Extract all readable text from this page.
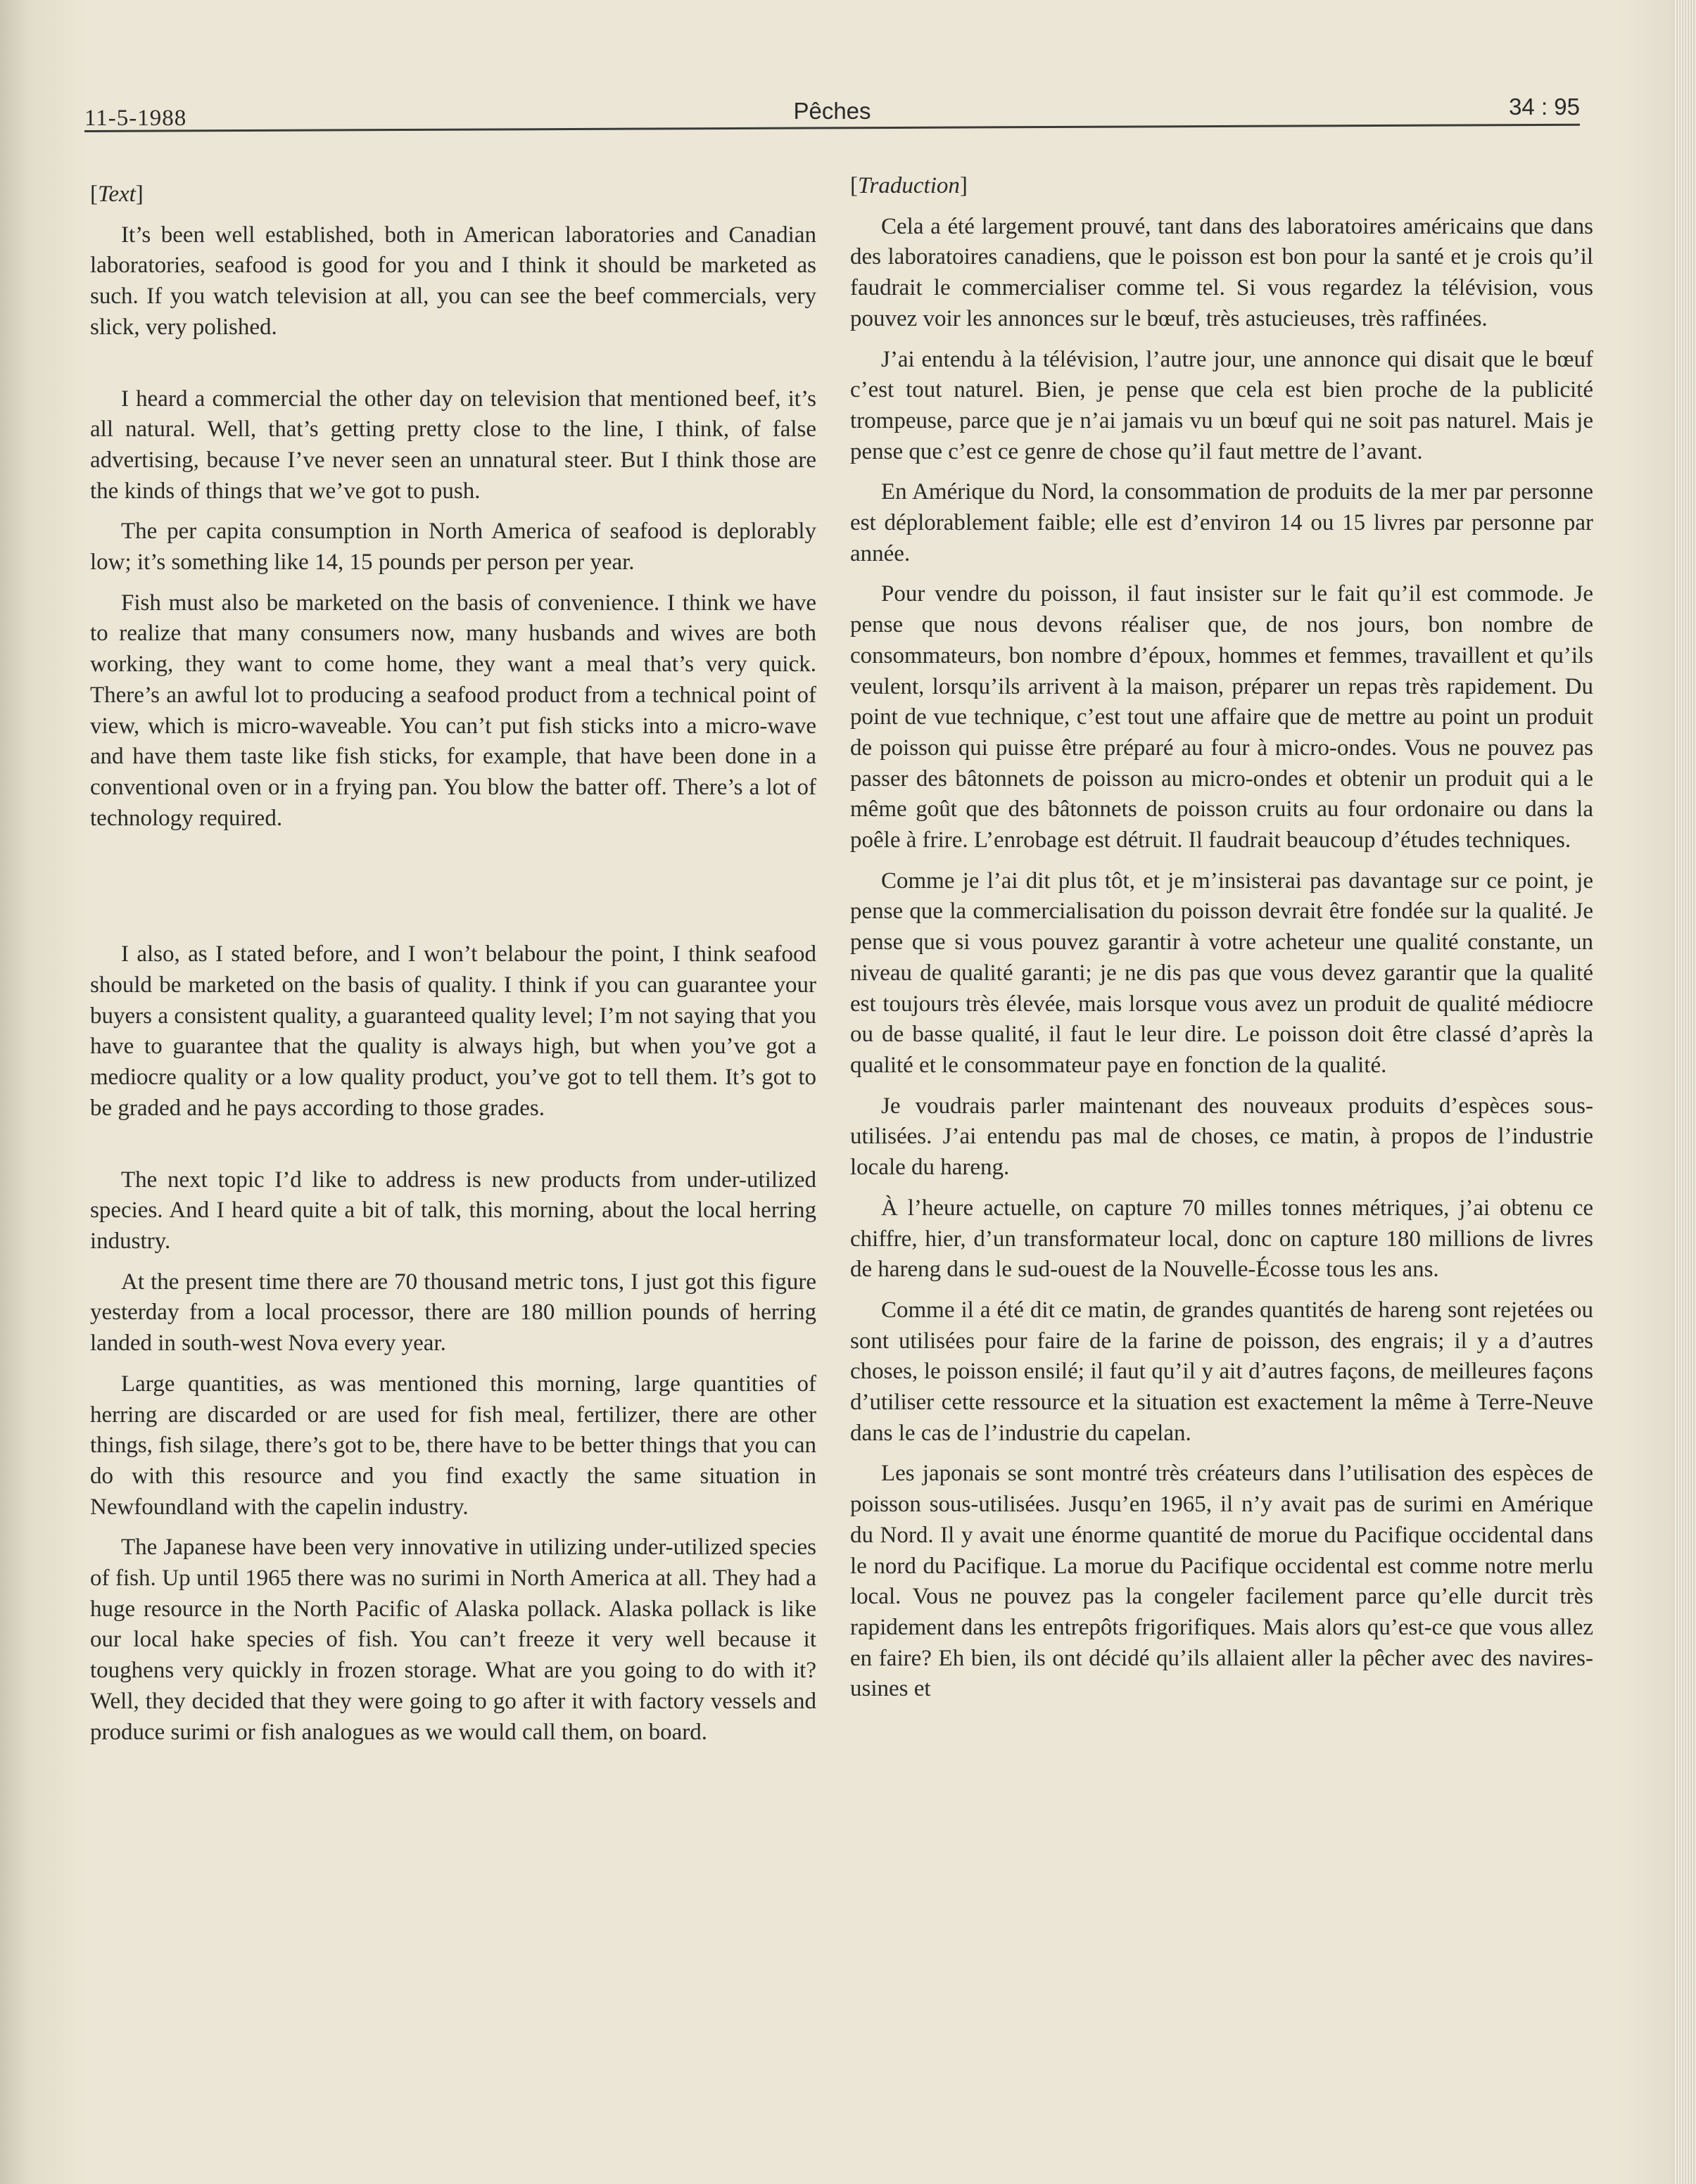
11-5-1988	Pêches	34 : 95

[Text]

It’s been well established, both in American laboratories and Canadian laboratories, seafood is good for you and I think it should be marketed as such. If you watch television at all, you can see the beef commercials, very slick, very polished.

I heard a commercial the other day on television that mentioned beef, it’s all natural. Well, that’s getting pretty close to the line, I think, of false advertising, because I’ve never seen an unnatural steer. But I think those are the kinds of things that we’ve got to push.

The per capita consumption in North America of seafood is deplorably low; it’s something like 14, 15 pounds per person per year.

Fish must also be marketed on the basis of convenience. I think we have to realize that many consumers now, many husbands and wives are both working, they want to come home, they want a meal that’s very quick. There’s an awful lot to producing a seafood product from a technical point of view, which is micro-waveable. You can’t put fish sticks into a micro-wave and have them taste like fish sticks, for example, that have been done in a conventional oven or in a frying pan. You blow the batter off. There’s a lot of technology required.

I also, as I stated before, and I won’t belabour the point, I think seafood should be marketed on the basis of quality. I think if you can guarantee your buyers a consistent quality, a guaranteed quality level; I’m not saying that you have to guarantee that the quality is always high, but when you’ve got a mediocre quality or a low quality product, you’ve got to tell them. It’s got to be graded and he pays according to those grades.

The next topic I’d like to address is new products from under-utilized species. And I heard quite a bit of talk, this morning, about the local herring industry.

At the present time there are 70 thousand metric tons, I just got this figure yesterday from a local processor, there are 180 million pounds of herring landed in south-west Nova every year.

Large quantities, as was mentioned this morning, large quantities of herring are discarded or are used for fish meal, fertilizer, there are other things, fish silage, there’s got to be, there have to be better things that you can do with this resource and you find exactly the same situation in Newfoundland with the capelin industry.

The Japanese have been very innovative in utilizing under-utilized species of fish. Up until 1965 there was no surimi in North America at all. They had a huge resource in the North Pacific of Alaska pollack. Alaska pollack is like our local hake species of fish. You can’t freeze it very well because it toughens very quickly in frozen storage. What are you going to do with it? Well, they decided that they were going to go after it with factory vessels and produce surimi or fish analogues as we would call them, on board.

[Traduction]

Cela a été largement prouvé, tant dans des laboratoires américains que dans des laboratoires canadiens, que le poisson est bon pour la santé et je crois qu’il faudrait le commercialiser comme tel. Si vous regardez la télévision, vous pouvez voir les annonces sur le bœuf, très astucieuses, très raffinées.

J’ai entendu à la télévision, l’autre jour, une annonce qui disait que le bœuf c’est tout naturel. Bien, je pense que cela est bien proche de la publicité trompeuse, parce que je n’ai jamais vu un bœuf qui ne soit pas naturel. Mais je pense que c’est ce genre de chose qu’il faut mettre de l’avant.

En Amérique du Nord, la consommation de produits de la mer par personne est déplorablement faible; elle est d’environ 14 ou 15 livres par personne par année.

Pour vendre du poisson, il faut insister sur le fait qu’il est commode. Je pense que nous devons réaliser que, de nos jours, bon nombre de consommateurs, bon nombre d’époux, hommes et femmes, travaillent et qu’ils veulent, lorsqu’ils arrivent à la maison, préparer un repas très rapidement. Du point de vue technique, c’est tout une affaire que de mettre au point un produit de poisson qui puisse être préparé au four à micro-ondes. Vous ne pouvez pas passer des bâtonnets de poisson au micro-ondes et obtenir un produit qui a le même goût que des bâtonnets de poisson cruits au four ordonaire ou dans la poêle à frire. L’enrobage est détruit. Il faudrait beaucoup d’études techniques.

Comme je l’ai dit plus tôt, et je m’insisterai pas davantage sur ce point, je pense que la commercialisation du poisson devrait être fondée sur la qualité. Je pense que si vous pouvez garantir à votre acheteur une qualité constante, un niveau de qualité garanti; je ne dis pas que vous devez garantir que la qualité est toujours très élevée, mais lorsque vous avez un produit de qualité médiocre ou de basse qualité, il faut le leur dire. Le poisson doit être classé d’après la qualité et le consommateur paye en fonction de la qualité.

Je voudrais parler maintenant des nouveaux produits d’espèces sous-utilisées. J’ai entendu pas mal de choses, ce matin, à propos de l’industrie locale du hareng.

À l’heure actuelle, on capture 70 milles tonnes métriques, j’ai obtenu ce chiffre, hier, d’un transformateur local, donc on capture 180 millions de livres de hareng dans le sud-ouest de la Nouvelle-Écosse tous les ans.

Comme il a été dit ce matin, de grandes quantités de hareng sont rejetées ou sont utilisées pour faire de la farine de poisson, des engrais; il y a d’autres choses, le poisson ensilé; il faut qu’il y ait d’autres façons, de meilleures façons d’utiliser cette ressource et la situation est exactement la même à Terre-Neuve dans le cas de l’industrie du capelan.

Les japonais se sont montré très créateurs dans l’utilisation des espèces de poisson sous-utilisées. Jusqu’en 1965, il n’y avait pas de surimi en Amérique du Nord. Il y avait une énorme quantité de morue du Pacifique occidental dans le nord du Pacifique. La morue du Pacifique occidental est comme notre merlu local. Vous ne pouvez pas la congeler facilement parce qu’elle durcit très rapidement dans les entrepôts frigorifiques. Mais alors qu’est-ce que vous allez en faire? Eh bien, ils ont décidé qu’ils allaient aller la pêcher avec des navires-usines et
